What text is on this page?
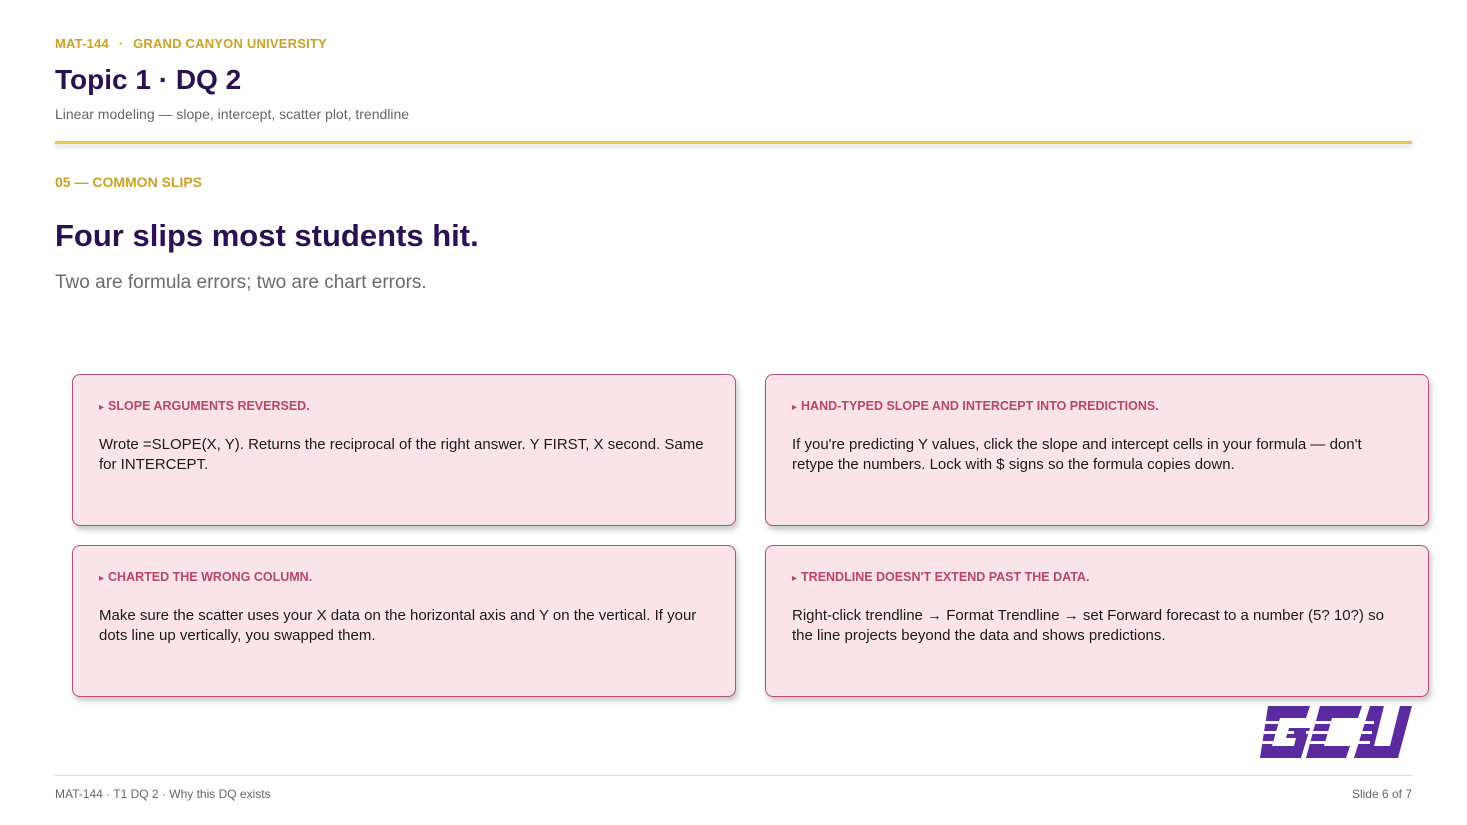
MAT-144 · GRAND CANYON UNIVERSITY
Topic 1 · DQ 2
Linear modeling — slope, intercept, scatter plot, trendline
05 — COMMON SLIPS
Four slips most students hit.
Two are formula errors; two are chart errors.
▸ SLOPE ARGUMENTS REVERSED.
Wrote =SLOPE(X, Y). Returns the reciprocal of the right answer. Y FIRST, X second. Same for INTERCEPT.
▸ HAND-TYPED SLOPE AND INTERCEPT INTO PREDICTIONS.
If you're predicting Y values, click the slope and intercept cells in your formula — don't retype the numbers. Lock with $ signs so the formula copies down.
▸ CHARTED THE WRONG COLUMN.
Make sure the scatter uses your X data on the horizontal axis and Y on the vertical. If your dots line up vertically, you swapped them.
▸ TRENDLINE DOESN'T EXTEND PAST THE DATA.
Right-click trendline → Format Trendline → set Forward forecast to a number (5? 10?) so the line projects beyond the data and shows predictions.
MAT-144 · T1 DQ 2 · Why this DQ exists	Slide 6 of 7
